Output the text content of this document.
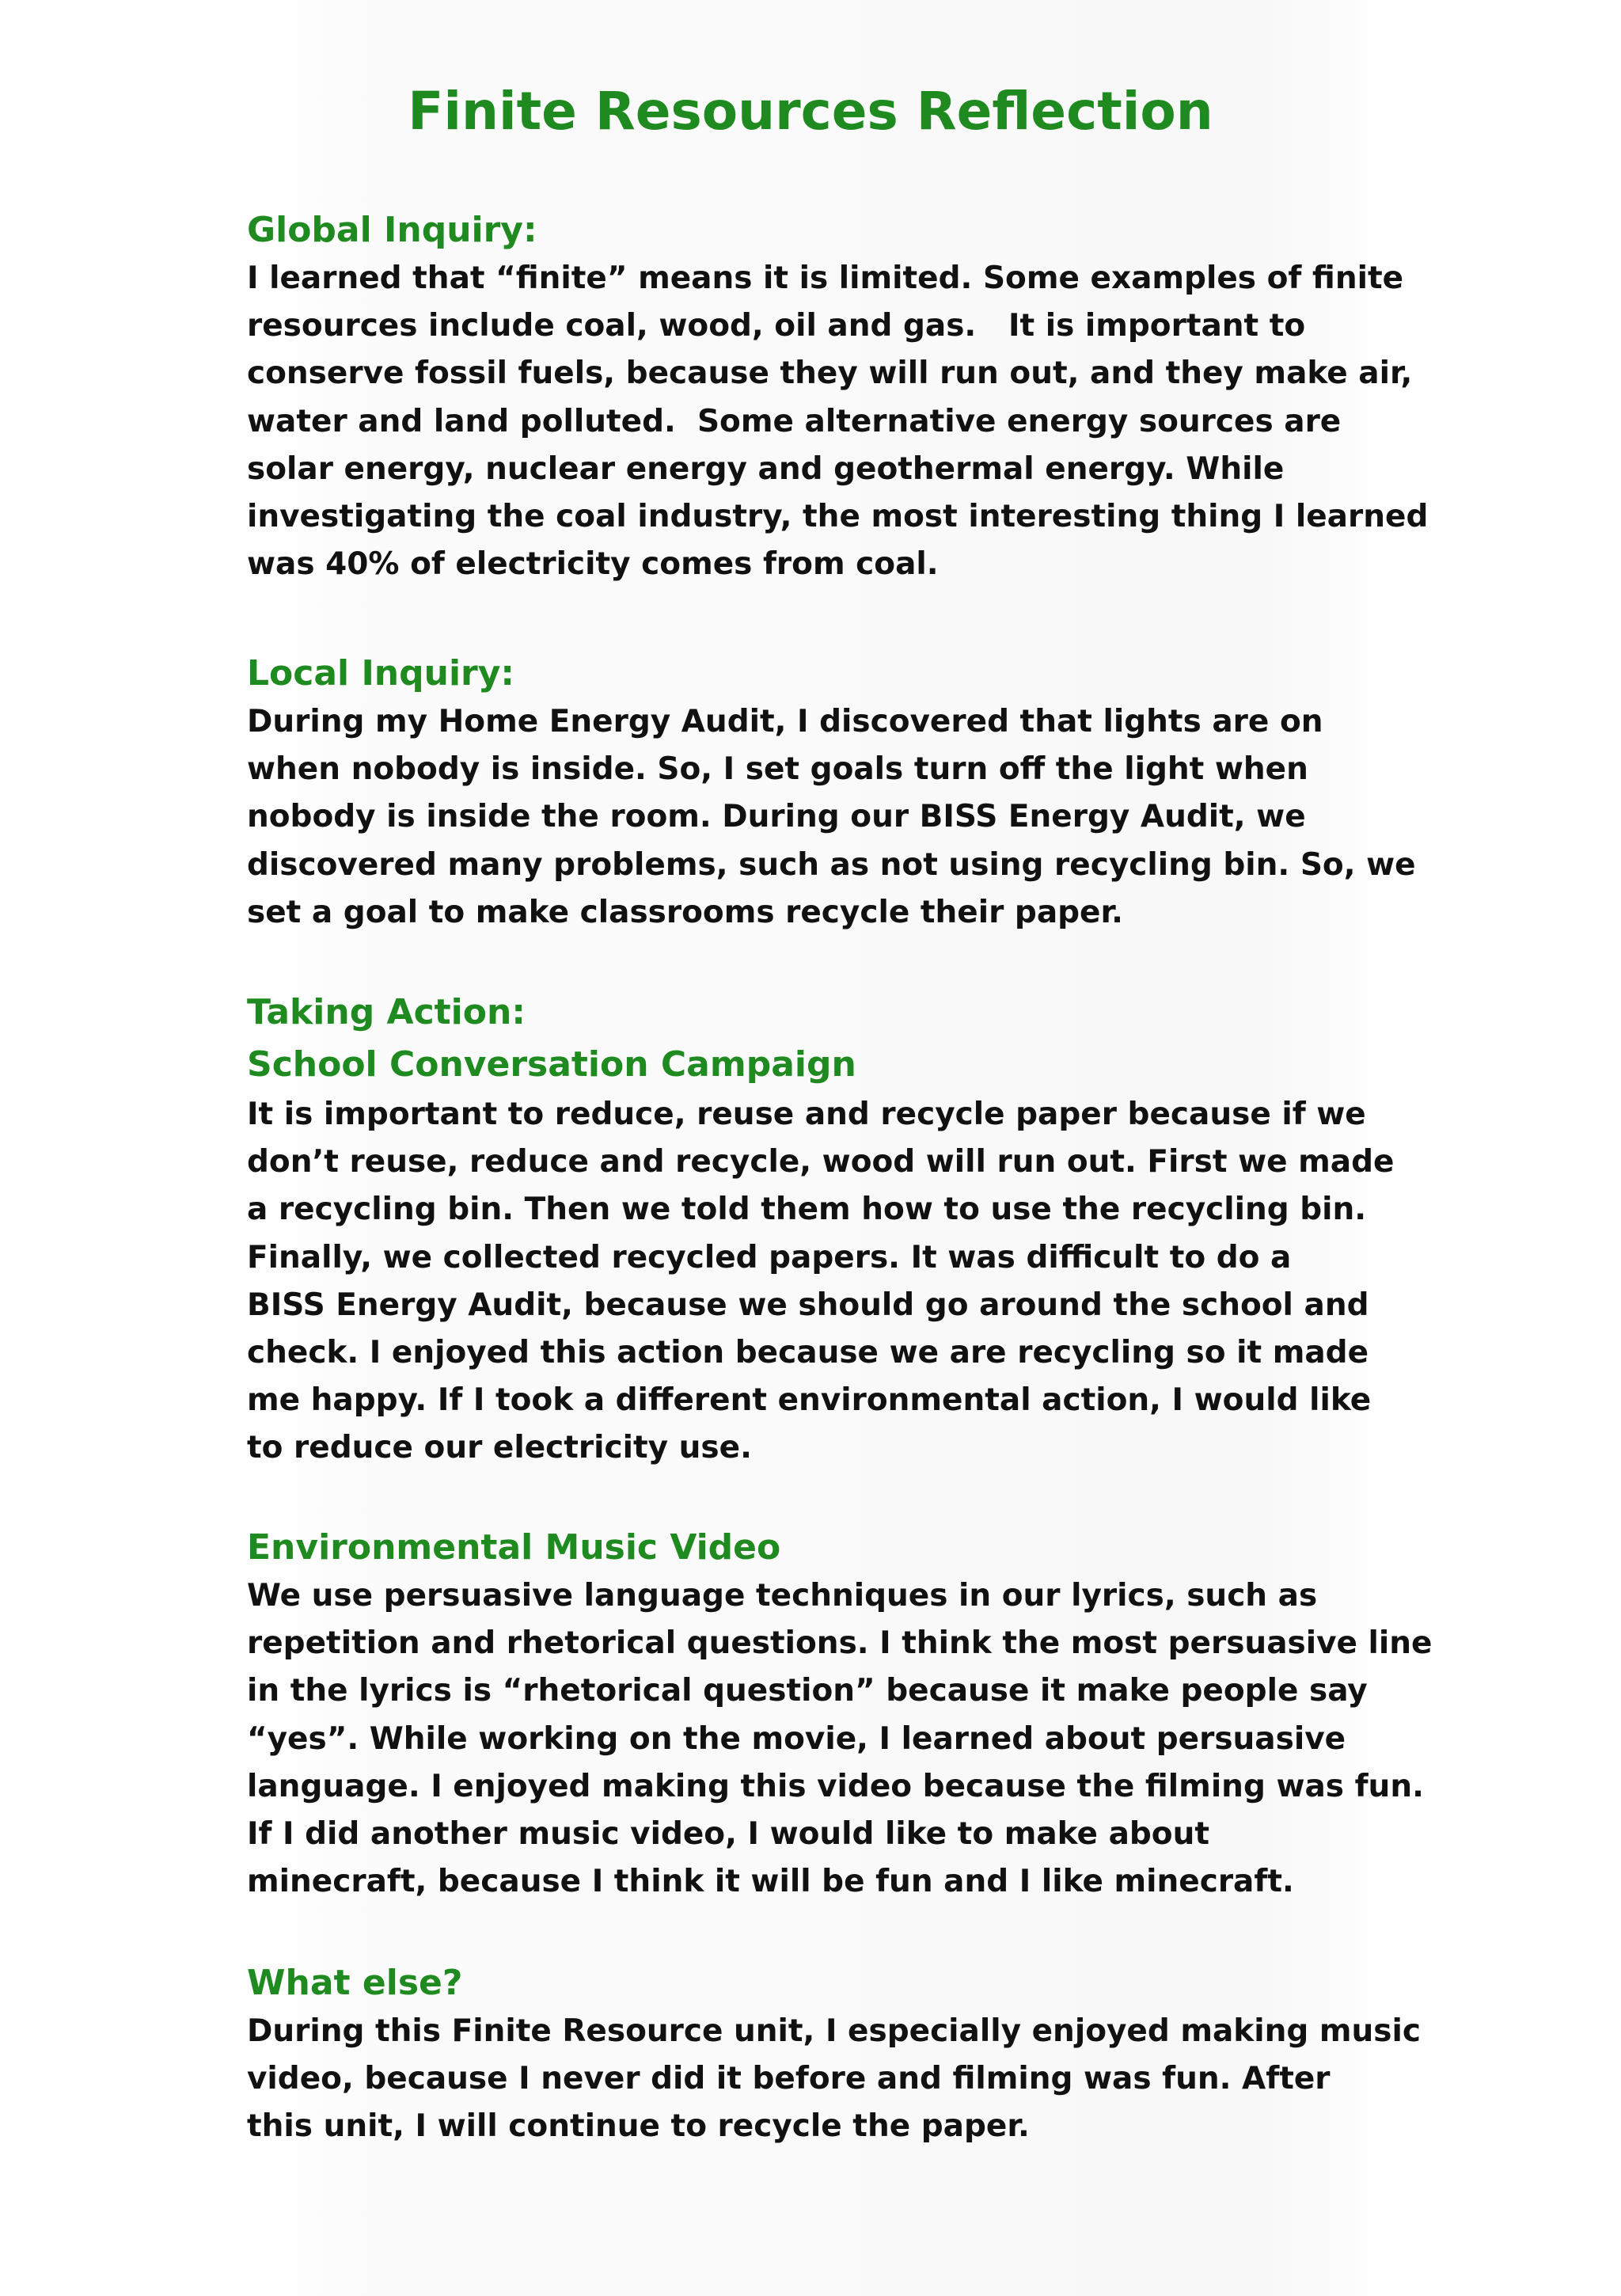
Finite Resources Reflection
Global Inquiry:
I learned that “finite” means it is limited. Some examples of finite
resources include coal, wood, oil and gas.   It is important to
conserve fossil fuels, because they will run out, and they make air,
water and land polluted.  Some alternative energy sources are
solar energy, nuclear energy and geothermal energy. While
investigating the coal industry, the most interesting thing I learned
was 40% of electricity comes from coal.
Local Inquiry:
During my Home Energy Audit, I discovered that lights are on
when nobody is inside. So, I set goals turn off the light when
nobody is inside the room. During our BISS Energy Audit, we
discovered many problems, such as not using recycling bin. So, we
set a goal to make classrooms recycle their paper.
Taking Action:
School Conversation Campaign
It is important to reduce, reuse and recycle paper because if we
don’t reuse, reduce and recycle, wood will run out. First we made
a recycling bin. Then we told them how to use the recycling bin.
Finally, we collected recycled papers. It was difficult to do a
BISS Energy Audit, because we should go around the school and
check. I enjoyed this action because we are recycling so it made
me happy. If I took a different environmental action, I would like
to reduce our electricity use.
Environmental Music Video
We use persuasive language techniques in our lyrics, such as
repetition and rhetorical questions. I think the most persuasive line
in the lyrics is “rhetorical question” because it make people say
“yes”. While working on the movie, I learned about persuasive
language. I enjoyed making this video because the filming was fun.
If I did another music video, I would like to make about
minecraft, because I think it will be fun and I like minecraft.
What else?
During this Finite Resource unit, I especially enjoyed making music
video, because I never did it before and filming was fun. After
this unit, I will continue to recycle the paper.
